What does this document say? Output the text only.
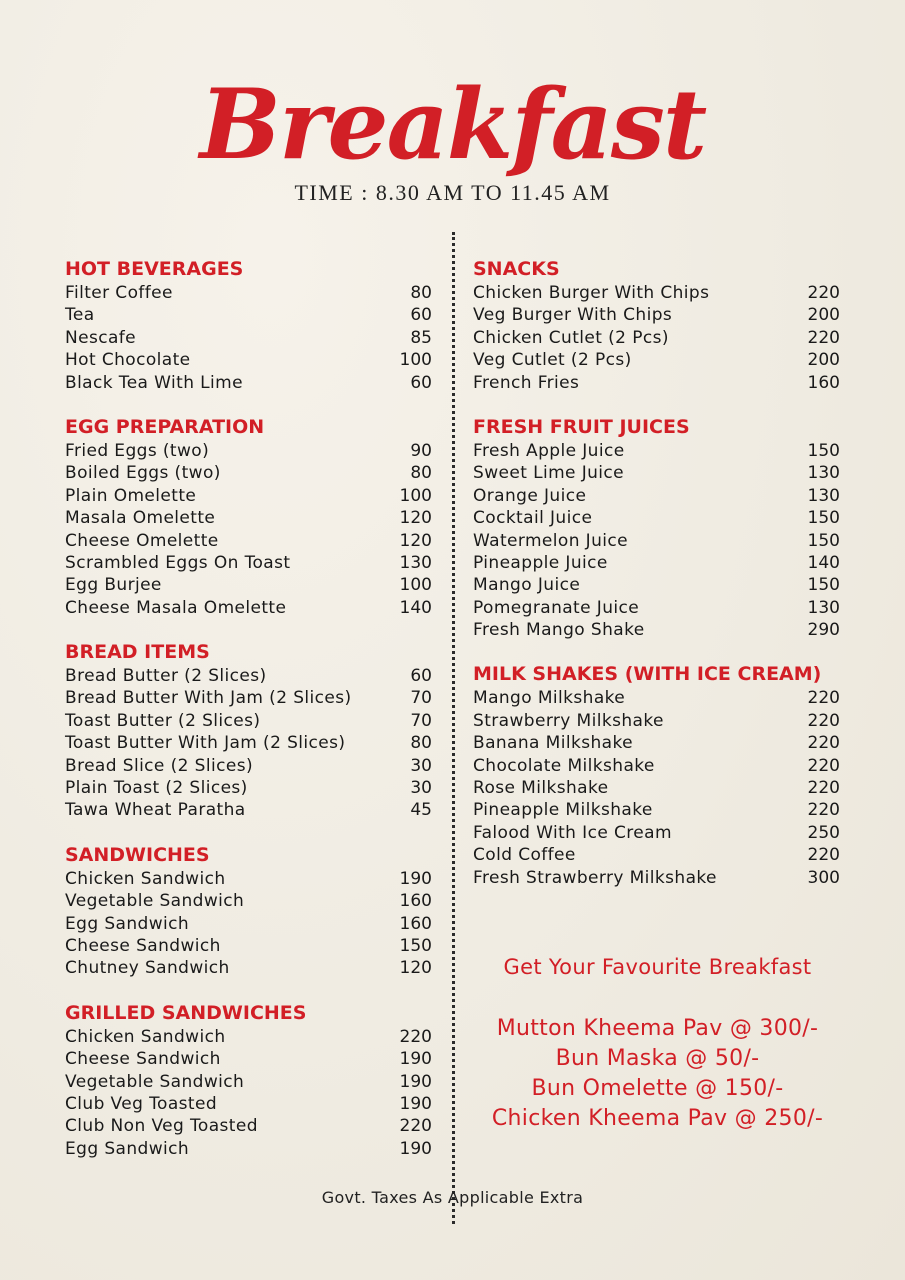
Breakfast
TIME : 8.30 AM TO 11.45 AM
HOT BEVERAGES
Filter Coffee	80
Tea	60
Nescafe	85
Hot Chocolate	100
Black Tea With Lime	60
EGG PREPARATION
Fried Eggs (two)	90
Boiled Eggs (two)	80
Plain Omelette	100
Masala Omelette	120
Cheese Omelette	120
Scrambled Eggs On Toast	130
Egg Burjee	100
Cheese Masala Omelette	140
BREAD ITEMS
Bread Butter (2 Slices)	60
Bread Butter With Jam (2 Slices)	70
Toast Butter (2 Slices)	70
Toast Butter With Jam (2 Slices)	80
Bread Slice (2 Slices)	30
Plain Toast (2 Slices)	30
Tawa Wheat Paratha	45
SANDWICHES
Chicken Sandwich	190
Vegetable Sandwich	160
Egg Sandwich	160
Cheese Sandwich	150
Chutney Sandwich	120
GRILLED SANDWICHES
Chicken Sandwich	220
Cheese Sandwich	190
Vegetable Sandwich	190
Club Veg Toasted	190
Club Non Veg Toasted	220
Egg Sandwich	190
SNACKS
Chicken Burger With Chips	220
Veg Burger With Chips	200
Chicken Cutlet (2 Pcs)	220
Veg Cutlet (2 Pcs)	200
French Fries	160
FRESH FRUIT JUICES
Fresh Apple Juice	150
Sweet Lime Juice	130
Orange Juice	130
Cocktail Juice	150
Watermelon Juice	150
Pineapple Juice	140
Mango Juice	150
Pomegranate Juice	130
Fresh Mango Shake	290
MILK SHAKES (WITH ICE CREAM)
Mango Milkshake	220
Strawberry Milkshake	220
Banana Milkshake	220
Chocolate Milkshake	220
Rose Milkshake	220
Pineapple Milkshake	220
Falood With Ice Cream	250
Cold Coffee	220
Fresh Strawberry Milkshake	300
Get Your Favourite Breakfast
Mutton Kheema Pav @ 300/-
Bun Maska @ 50/-
Bun Omelette @ 150/-
Chicken Kheema Pav @ 250/-
Govt. Taxes As Applicable Extra
